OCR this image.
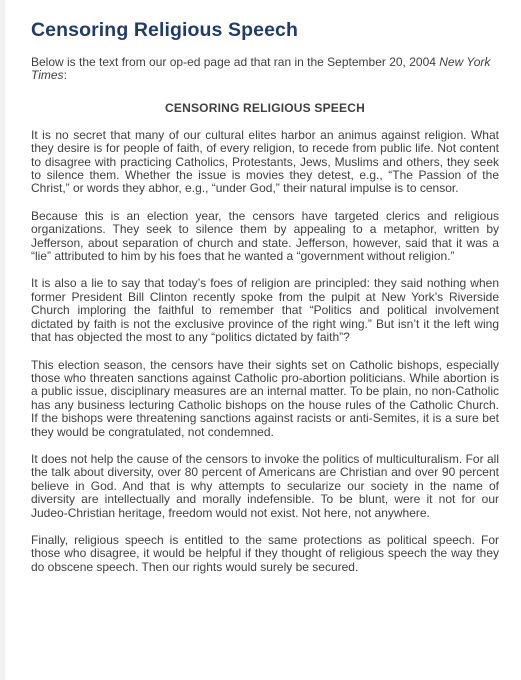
Censoring Religious Speech

Below is the text from our op-ed page ad that ran in the September 20, 2004 New York Times:

CENSORING RELIGIOUS SPEECH

It is no secret that many of our cultural elites harbor an animus against religion. What they desire is for people of faith, of every religion, to recede from public life. Not content to disagree with practicing Catholics, Protestants, Jews, Muslims and others, they seek to silence them. Whether the issue is movies they detest, e.g., “The Passion of the Christ,” or words they abhor, e.g., “under God,” their natural impulse is to censor.

Because this is an election year, the censors have targeted clerics and religious organizations. They seek to silence them by appealing to a metaphor, written by Jefferson, about separation of church and state. Jefferson, however, said that it was a “lie” attributed to him by his foes that he wanted a “government without religion.”

It is also a lie to say that today’s foes of religion are principled: they said nothing when former President Bill Clinton recently spoke from the pulpit at New York’s Riverside Church imploring the faithful to remember that “Politics and political involvement dictated by faith is not the exclusive province of the right wing.” But isn’t it the left wing that has objected the most to any “politics dictated by faith”?

This election season, the censors have their sights set on Catholic bishops, especially those who threaten sanctions against Catholic pro-abortion politicians. While abortion is a public issue, disciplinary measures are an internal matter. To be plain, no non-Catholic has any business lecturing Catholic bishops on the house rules of the Catholic Church. If the bishops were threatening sanctions against racists or anti-Semites, it is a sure bet they would be congratulated, not condemned.

It does not help the cause of the censors to invoke the politics of multiculturalism. For all the talk about diversity, over 80 percent of Americans are Christian and over 90 percent believe in God. And that is why attempts to secularize our society in the name of diversity are intellectually and morally indefensible. To be blunt, were it not for our Judeo-Christian heritage, freedom would not exist. Not here, not anywhere.

Finally, religious speech is entitled to the same protections as political speech. For those who disagree, it would be helpful if they thought of religious speech the way they do obscene speech. Then our rights would surely be secured.
